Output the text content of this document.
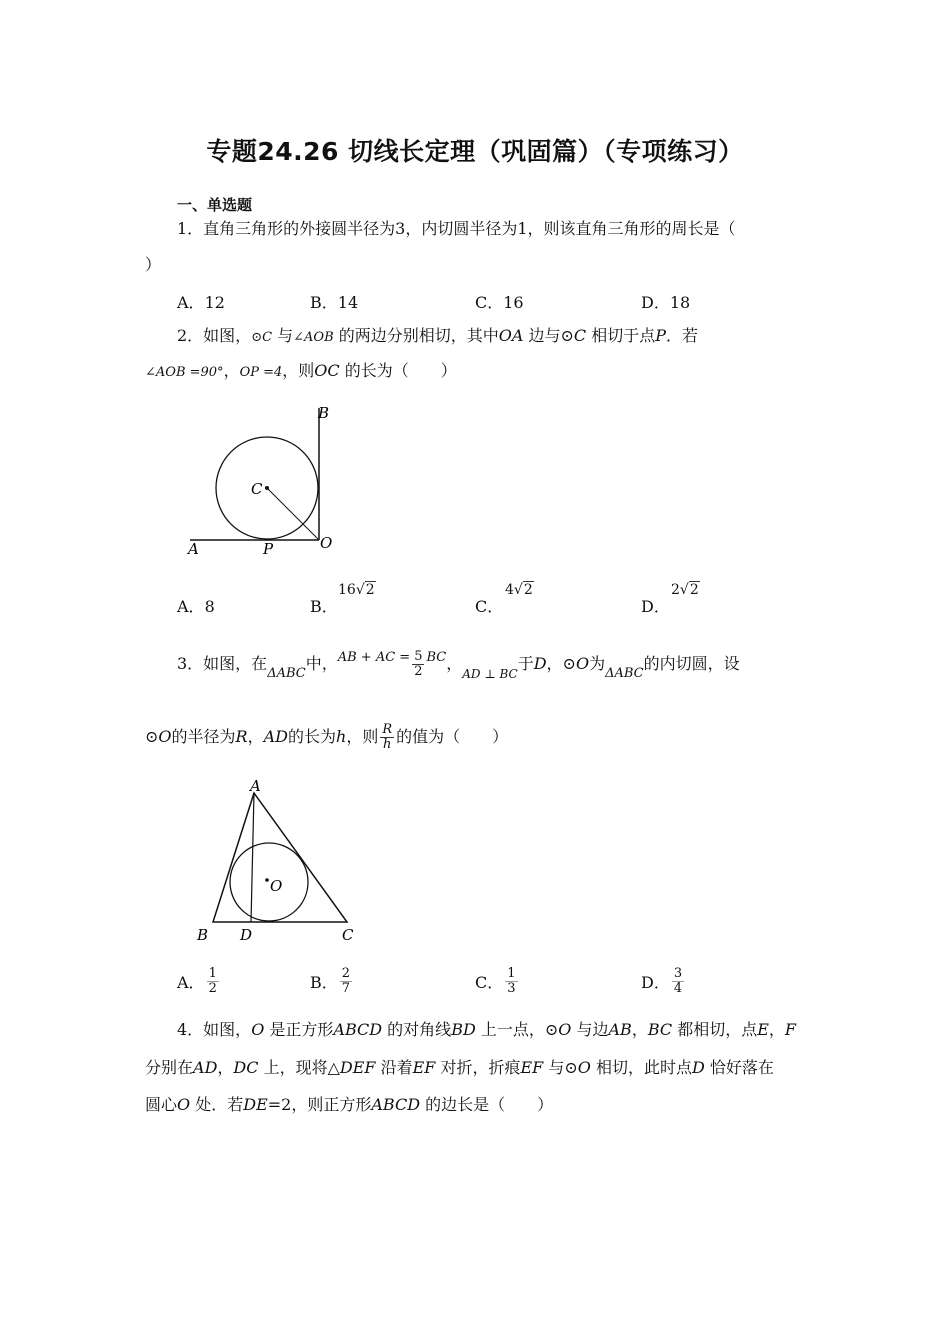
专题24.26 切线长定理（巩固篇）（专项练习）
一、单选题
1．直角三角形的外接圆半径为3，内切圆半径为1，则该直角三角形的周长是（
）
A．12	B．14	C．16	D．18
2．如图，⊙C 与∠AOB 的两边分别相切，其中OA 边与⊙C 相切于点P．若
∠AOB =90°，OP =4，则OC 的长为（　　）
A	P	O
B
C
A．8	B．
16√2
C．
4√2
D．
2√2
3．如图，在
ΔABC
中， AB + AC = $\frac{5}{2}$ BC ，
AD ⊥ BC
于 D ，⊙ O 为
ΔABC
的内切圆，设
⊙ O 的半径为 R ， AD 的长为 h ，则 $\frac{R}{h}$ 的值为（　　）
A
B D	C
O
A． $\frac{1}{2}$	B． $\frac{2}{7}$	C． $\frac{1}{3}$	D． $\frac{3}{4}$
4．如图，O 是正方形ABCD 的对角线BD 上一点，⊙O 与边AB，BC 都相切，点E，F
分别在AD，DC 上，现将△DEF 沿着EF 对折，折痕EF 与⊙O 相切，此时点D 恰好落在
圆心O 处．若DE=2，则正方形ABCD 的边长是（　　）
